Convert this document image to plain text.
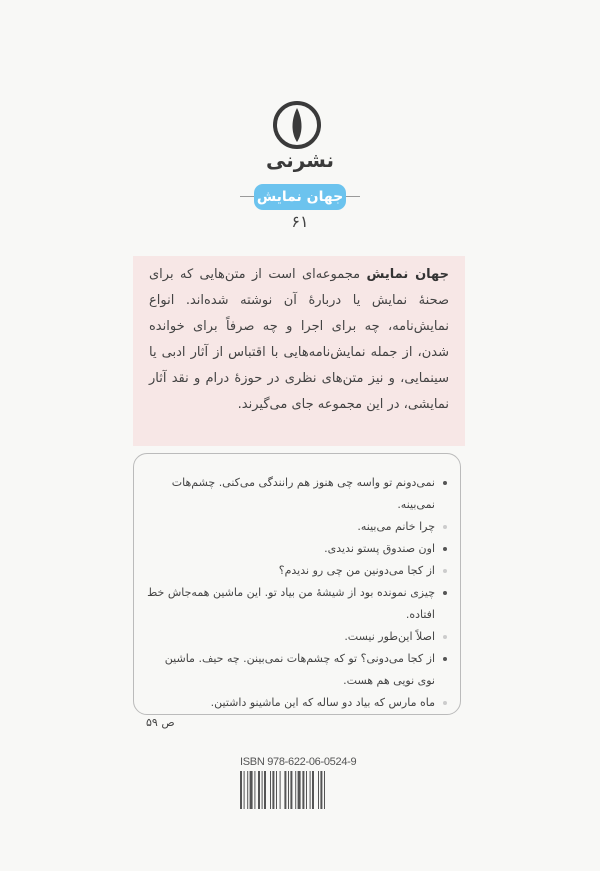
نشرنی
جهان نمایش
۶۱
جهان نمایش مجموعه‌ای است از متن‌هایی که برای صحنهٔ نمایش یا دربارهٔ آن نوشته شده‌اند. انواع نمایش‌نامه، چه برای اجرا و چه صرفاً برای خوانده شدن، از جمله نمایش‌نامه‌هایی با اقتباس از آثار ادبی یا سینمایی، و نیز متن‌های نظری در حوزهٔ درام و نقد آثار نمایشی، در این مجموعه جای می‌گیرند.
نمی‌دونم تو واسه چی هنوز هم رانندگی می‌کنی. چشم‌هات نمی‌بینه.
چرا خانم می‌بینه.
اون صندوق پستو ندیدی.
از کجا می‌دونین من چی رو ندیدم؟
چیزی نمونده بود از شیشهٔ من بیاد تو. این ماشین همه‌جاش خط افتاده.
اصلاً این‌طور نیست.
از کجا می‌دونی؟ تو که چشم‌هات نمی‌بینن. چه حیف. ماشین نوی نویی هم هست.
ماه مارس که بیاد دو ساله که این ماشینو داشتین.
ص ۵۹
ISBN 978-622-06-0524-9
